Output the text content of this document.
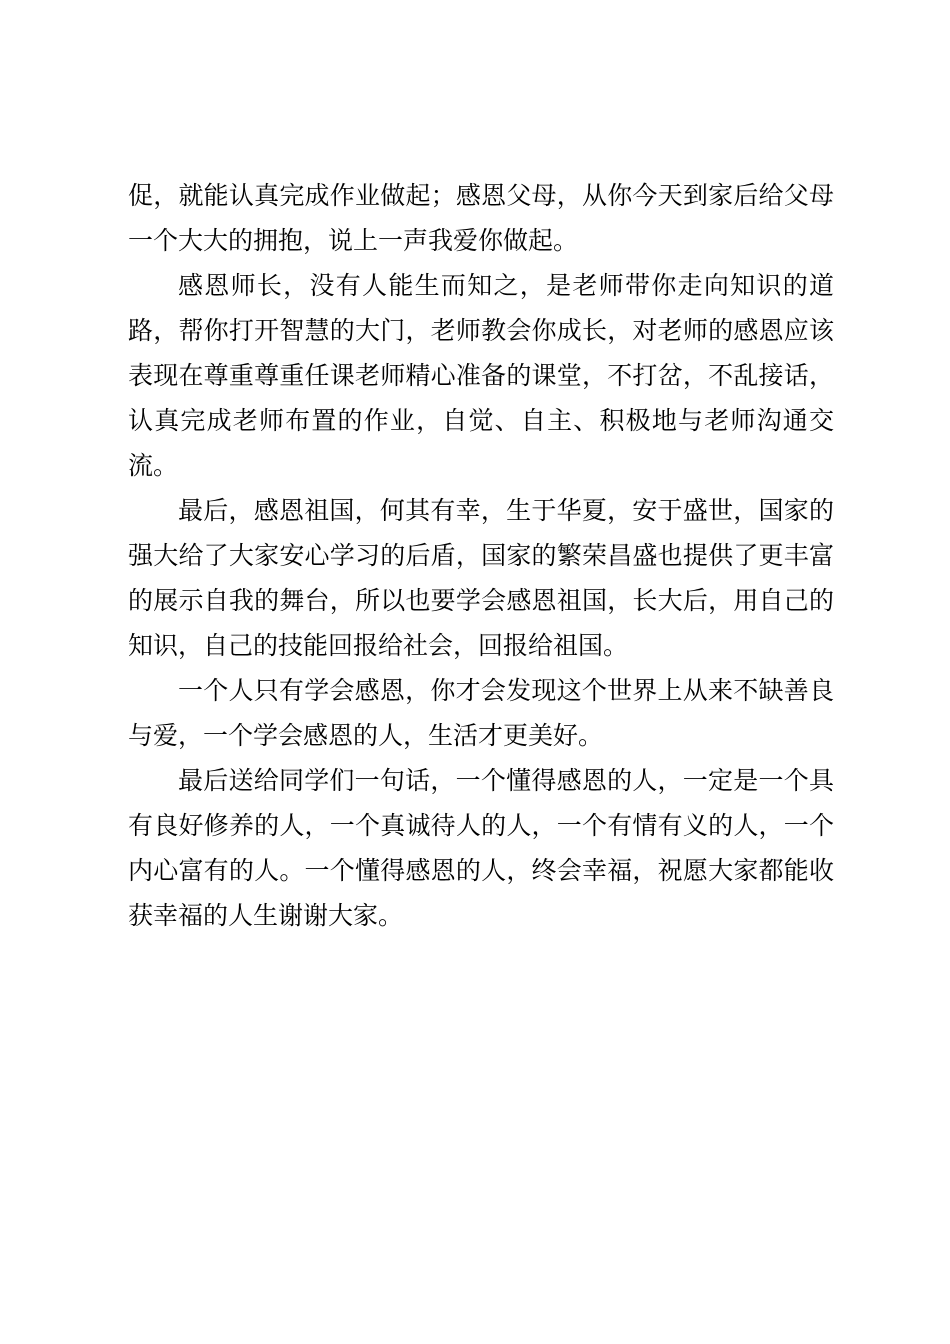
促，就能认真完成作业做起；感恩父母，从你今天到家后给父母一个大大的拥抱，说上一声我爱你做起。

感恩师长，没有人能生而知之，是老师带你走向知识的道路，帮你打开智慧的大门，老师教会你成长，对老师的感恩应该表现在尊重尊重任课老师精心准备的课堂，不打岔，不乱接话，认真完成老师布置的作业，自觉、自主、积极地与老师沟通交流。

最后，感恩祖国，何其有幸，生于华夏，安于盛世，国家的强大给了大家安心学习的后盾，国家的繁荣昌盛也提供了更丰富的展示自我的舞台，所以也要学会感恩祖国，长大后，用自己的知识，自己的技能回报给社会，回报给祖国。

一个人只有学会感恩，你才会发现这个世界上从来不缺善良与爱，一个学会感恩的人，生活才更美好。

最后送给同学们一句话，一个懂得感恩的人，一定是一个具有良好修养的人，一个真诚待人的人，一个有情有义的人，一个内心富有的人。一个懂得感恩的人，终会幸福，祝愿大家都能收获幸福的人生谢谢大家。
